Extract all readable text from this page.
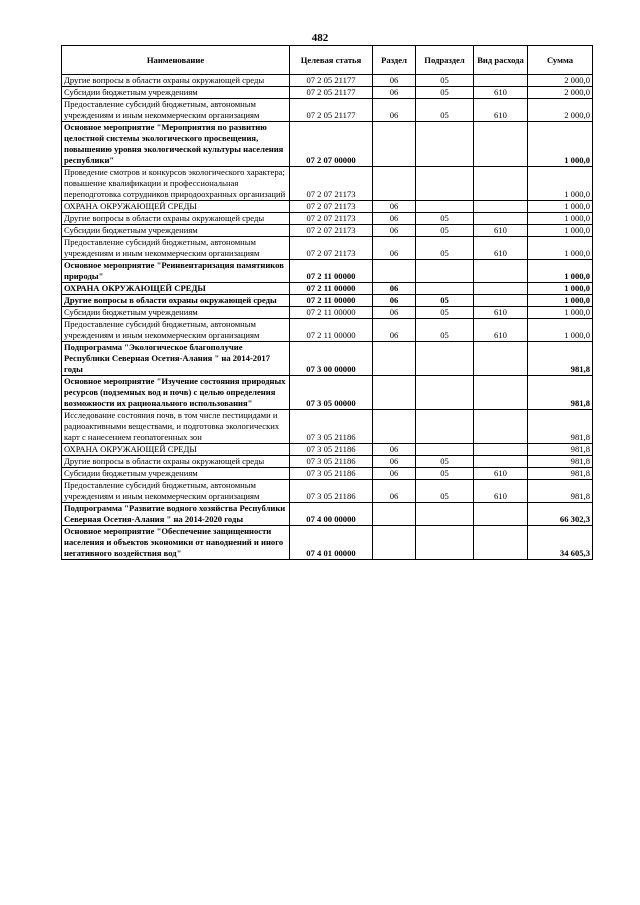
482
Наименование	Целевая статья	Раздел	Подраздел	Вид расхода	Сумма
Другие вопросы в области охраны окружающей среды	07 2 05 21177	06	05		2 000,0
Субсидии бюджетным учреждениям	07 2 05 21177	06	05	610	2 000,0
Предоставление субсидий бюджетным, автономным учреждениям и иным некоммерческим организациям	07 2 05 21177	06	05	610	2 000,0
Основное мероприятие "Мероприятия по развитию целостной системы экологического просвещения, повышению уровня экологической культуры населения республики"	07 2 07 00000				1 000,0
Проведение смотров и конкурсов экологического характера; повышение квалификации и профессиональная переподготовка сотрудников природоохранных организаций	07 2 07 21173				1 000,0
ОХРАНА ОКРУЖАЮЩЕЙ СРЕДЫ	07 2 07 21173	06			1 000,0
Другие вопросы в области охраны окружающей среды	07 2 07 21173	06	05		1 000,0
Субсидии бюджетным учреждениям	07 2 07 21173	06	05	610	1 000,0
Предоставление субсидий бюджетным, автономным учреждениям и иным некоммерческим организациям	07 2 07 21173	06	05	610	1 000,0
Основное мероприятие "Реинвентаризация памятников природы"	07 2 11 00000				1 000,0
ОХРАНА ОКРУЖАЮЩЕЙ СРЕДЫ	07 2 11 00000	06			1 000,0
Другие вопросы в области охраны окружающей среды	07 2 11 00000	06	05		1 000,0
Субсидии бюджетным учреждениям	07 2 11 00000	06	05	610	1 000,0
Предоставление субсидий бюджетным, автономным учреждениям и иным некоммерческим организациям	07 2 11 00000	06	05	610	1 000,0
Подпрограмма "Экологическое благополучие Республики Северная Осетия-Алания " на 2014-2017 годы	07 3 00 00000				981,8
Основное мероприятие "Изучение состояния природных ресурсов (подземных вод и почв) с целью определения возможности их рационального использования"	07 3 05 00000				981,8
Исследование состояния почв, в том числе пестицидами и радиоактивными веществами, и подготовка экологических карт с нанесением геопатогенных зон	07 3 05 21186				981,8
ОХРАНА ОКРУЖАЮЩЕЙ СРЕДЫ	07 3 05 21186	06			981,8
Другие вопросы в области охраны окружающей среды	07 3 05 21186	06	05		981,8
Субсидии бюджетным учреждениям	07 3 05 21186	06	05	610	981,8
Предоставление субсидий бюджетным, автономным учреждениям и иным некоммерческим организациям	07 3 05 21186	06	05	610	981,8
Подпрограмма "Развитие водного хозяйства Республики Северная Осетия-Алания " на 2014-2020 годы	07 4 00 00000				66 302,3
Основное мероприятие "Обеспечение защищенности населения и объектов экономики от наводнений и иного негативного воздействия вод"	07 4 01 00000				34 605,3
